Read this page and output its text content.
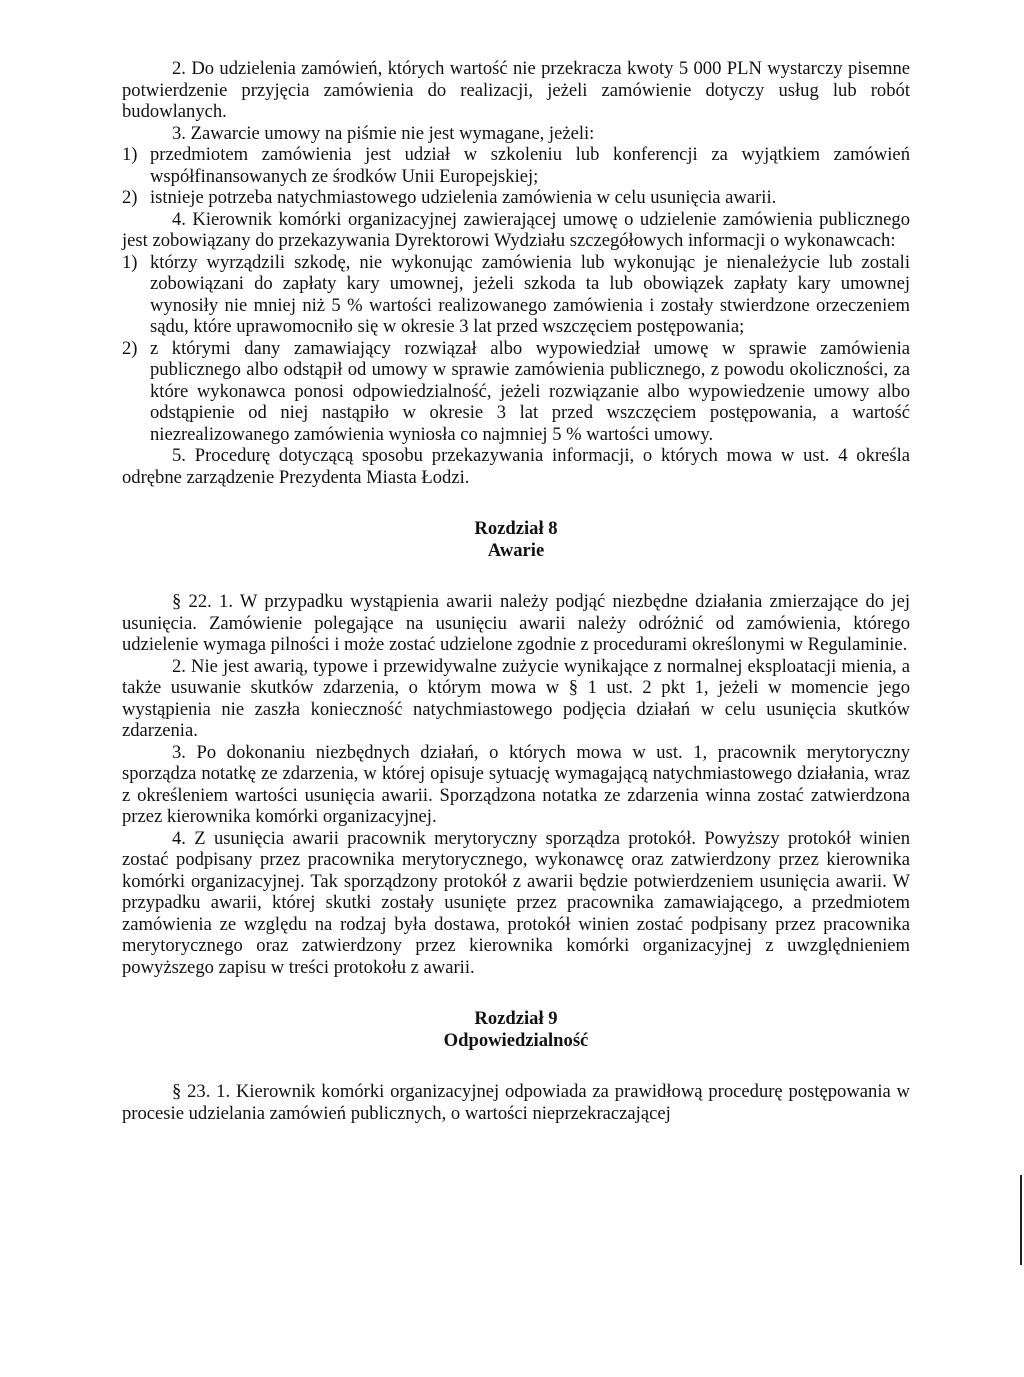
2. Do udzielenia zamówień, których wartość nie przekracza kwoty 5 000 PLN wystarczy pisemne potwierdzenie przyjęcia zamówienia do realizacji, jeżeli zamówienie dotyczy usług lub robót budowlanych.

3. Zawarcie umowy na piśmie nie jest wymagane, jeżeli:

1) przedmiotem zamówienia jest udział w szkoleniu lub konferencji za wyjątkiem zamówień współfinansowanych ze środków Unii Europejskiej;
2) istnieje potrzeba natychmiastowego udzielenia zamówienia w celu usunięcia awarii.

4. Kierownik komórki organizacyjnej zawierającej umowę o udzielenie zamówienia publicznego jest zobowiązany do przekazywania Dyrektorowi Wydziału szczegółowych informacji o wykonawcach:

1) którzy wyrządzili szkodę, nie wykonując zamówienia lub wykonując je nienależycie lub zostali zobowiązani do zapłaty kary umownej, jeżeli szkoda ta lub obowiązek zapłaty kary umownej wynosiły nie mniej niż 5 % wartości realizowanego zamówienia i zostały stwierdzone orzeczeniem sądu, które uprawomocniło się w okresie 3 lat przed wszczęciem postępowania;
2) z którymi dany zamawiający rozwiązał albo wypowiedział umowę w sprawie zamówienia publicznego albo odstąpił od umowy w sprawie zamówienia publicznego, z powodu okoliczności, za które wykonawca ponosi odpowiedzialność, jeżeli rozwiązanie albo wypowiedzenie umowy albo odstąpienie od niej nastąpiło w okresie 3 lat przed wszczęciem postępowania, a wartość niezrealizowanego zamówienia wyniosła co najmniej 5 % wartości umowy.

5. Procedurę dotyczącą sposobu przekazywania informacji, o których mowa w ust. 4 określa odrębne zarządzenie Prezydenta Miasta Łodzi.

Rozdział 8
Awarie

§ 22. 1. W przypadku wystąpienia awarii należy podjąć niezbędne działania zmierzające do jej usunięcia. Zamówienie polegające na usunięciu awarii należy odróżnić od zamówienia, którego udzielenie wymaga pilności i może zostać udzielone zgodnie z procedurami określonymi w Regulaminie.

2. Nie jest awarią, typowe i przewidywalne zużycie wynikające z normalnej eksploatacji mienia, a także usuwanie skutków zdarzenia, o którym mowa w § 1 ust. 2 pkt 1, jeżeli w momencie jego wystąpienia nie zaszła konieczność natychmiastowego podjęcia działań w celu usunięcia skutków zdarzenia.

3. Po dokonaniu niezbędnych działań, o których mowa w ust. 1, pracownik merytoryczny sporządza notatkę ze zdarzenia, w której opisuje sytuację wymagającą natychmiastowego działania, wraz z określeniem wartości usunięcia awarii. Sporządzona notatka ze zdarzenia winna zostać zatwierdzona przez kierownika komórki organizacyjnej.

4. Z usunięcia awarii pracownik merytoryczny sporządza protokół. Powyższy protokół winien zostać podpisany przez pracownika merytorycznego, wykonawcę oraz zatwierdzony przez kierownika komórki organizacyjnej. Tak sporządzony protokół z awarii będzie potwierdzeniem usunięcia awarii. W przypadku awarii, której skutki zostały usunięte przez pracownika zamawiającego, a przedmiotem zamówienia ze względu na rodzaj była dostawa, protokół winien zostać podpisany przez pracownika merytorycznego oraz zatwierdzony przez kierownika komórki organizacyjnej z uwzględnieniem powyższego zapisu w treści protokołu z awarii.

Rozdział 9
Odpowiedzialność

§ 23. 1. Kierownik komórki organizacyjnej odpowiada za prawidłową procedurę postępowania w procesie udzielania zamówień publicznych, o wartości nieprzekraczającej
